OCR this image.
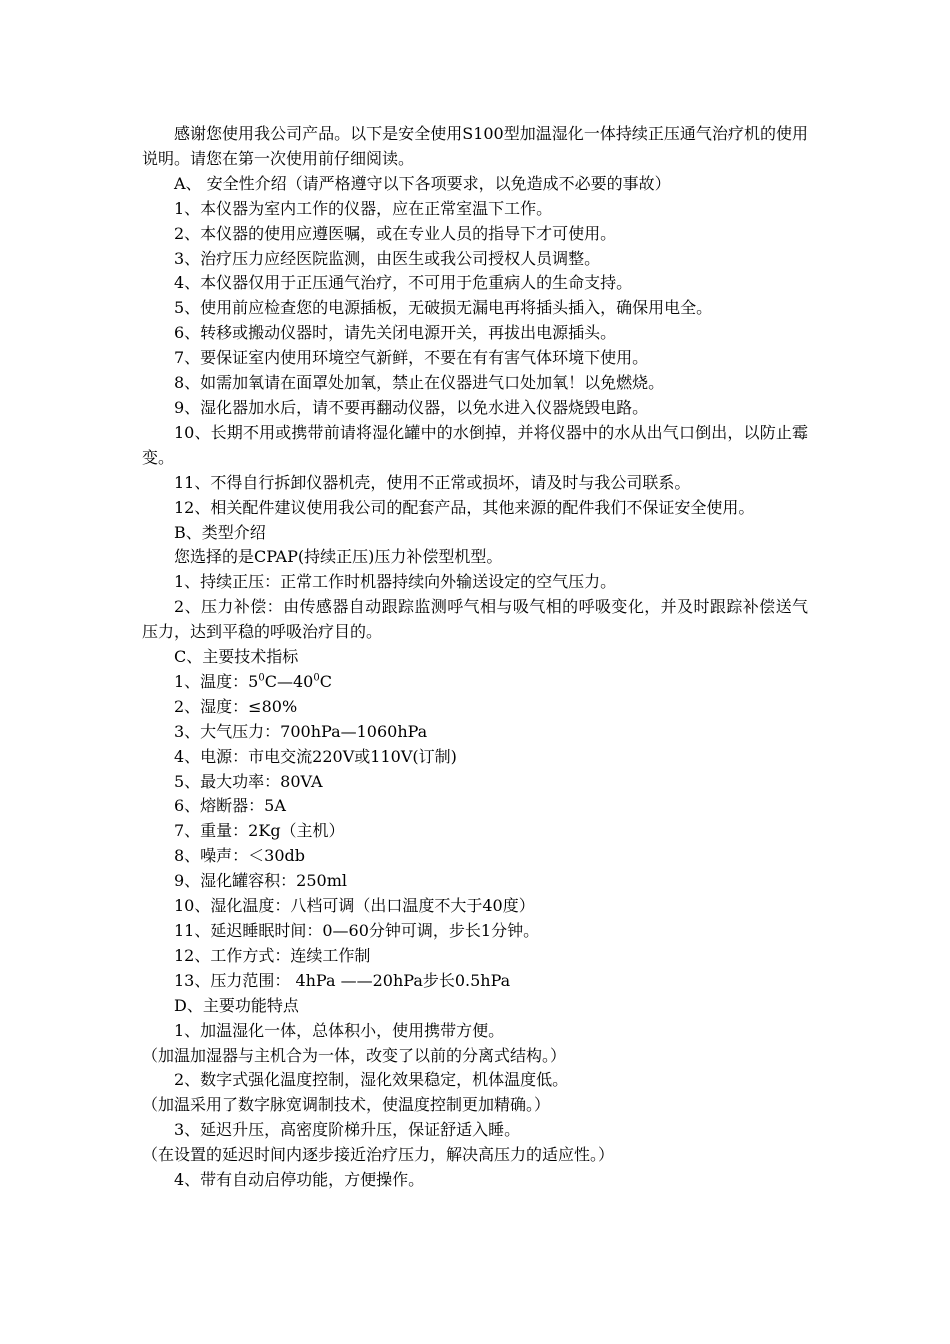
感谢您使用我公司产品。以下是安全使用S100型加温湿化一体持续正压通气治疗机的使用说明。请您在第一次使用前仔细阅读。

A、 安全性介绍（请严格遵守以下各项要求，以免造成不必要的事故）

1、本仪器为室内工作的仪器，应在正常室温下工作。

2、本仪器的使用应遵医嘱，或在专业人员的指导下才可使用。

3、治疗压力应经医院监测，由医生或我公司授权人员调整。

4、本仪器仅用于正压通气治疗，不可用于危重病人的生命支持。

5、使用前应检查您的电源插板，无破损无漏电再将插头插入，确保用电全。

6、转移或搬动仪器时，请先关闭电源开关，再拔出电源插头。

7、要保证室内使用环境空气新鲜，不要在有有害气体环境下使用。

8、如需加氧请在面罩处加氧，禁止在仪器进气口处加氧！以免燃烧。

9、湿化器加水后，请不要再翻动仪器，以免水进入仪器烧毁电路。

10、长期不用或携带前请将湿化罐中的水倒掉，并将仪器中的水从出气口倒出，以防止霉变。

11、不得自行拆卸仪器机壳，使用不正常或损坏，请及时与我公司联系。

12、相关配件建议使用我公司的配套产品，其他来源的配件我们不保证安全使用。

B、类型介绍

您选择的是CPAP(持续正压)压力补偿型机型。

1、持续正压：正常工作时机器持续向外输送设定的空气压力。

2、压力补偿：由传感器自动跟踪监测呼气相与吸气相的呼吸变化，并及时跟踪补偿送气压力，达到平稳的呼吸治疗目的。

C、主要技术指标

1、温度：$5^0C—40^0C$

2、湿度：≤80%

3、大气压力：700hPa—1060hPa

4、电源：市电交流220V或110V(订制)

5、最大功率：80VA

6、熔断器：5A

7、重量：2Kg（主机）

8、噪声：＜30db

9、湿化罐容积：250ml

10、湿化温度：八档可调（出口温度不大于40度）

11、延迟睡眠时间：0—60分钟可调，步长1分钟。

12、工作方式：连续工作制

13、压力范围： 4hPa ——20hPa步长0.5hPa

D、主要功能特点

1、加温湿化一体，总体积小，使用携带方便。

（加温加湿器与主机合为一体，改变了以前的分离式结构。）

2、数字式强化温度控制，湿化效果稳定，机体温度低。

（加温采用了数字脉宽调制技术，使温度控制更加精确。）

3、延迟升压，高密度阶梯升压，保证舒适入睡。

（在设置的延迟时间内逐步接近治疗压力，解决高压力的适应性。）

4、带有自动启停功能，方便操作。
